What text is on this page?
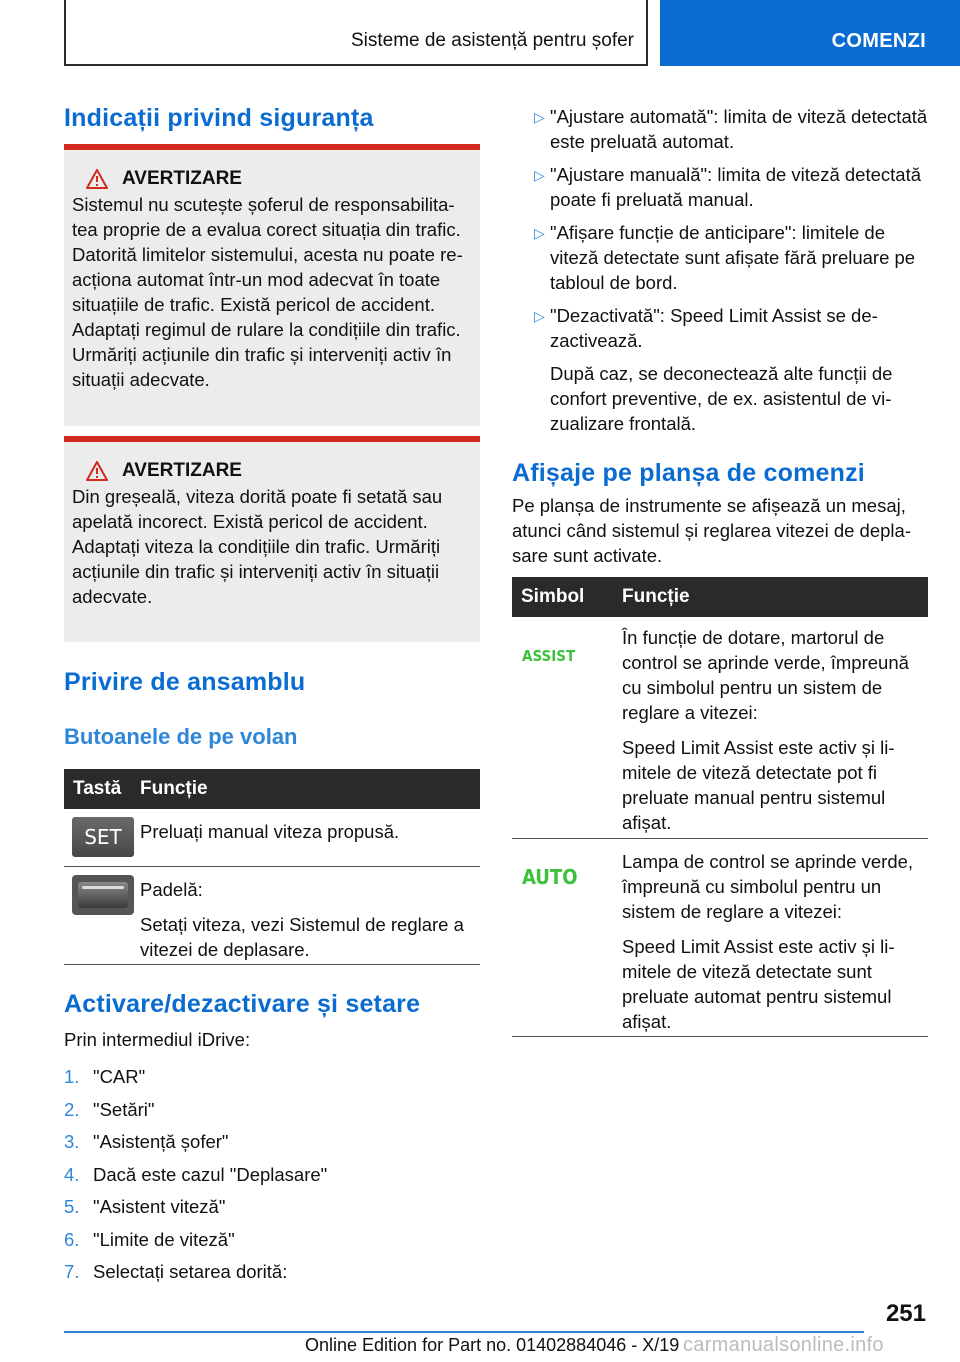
Sisteme de asistență pentru șofer	COMENZI
Indicații privind siguranța
AVERTIZARE
Sistemul nu scutește șoferul de responsabilitatea proprie de a evalua corect situația din trafic. Datorită limitelor sistemului, acesta nu poate reacționa automat într-un mod adecvat în toate situațiile de trafic. Există pericol de accident. Adaptați regimul de rulare la condițiile din trafic. Urmăriți acțiunile din trafic și interveniți activ în situații adecvate.
AVERTIZARE
Din greșeală, viteza dorită poate fi setată sau apelată incorect. Există pericol de accident. Adaptați viteza la condițiile din trafic. Urmăriți acțiunile din trafic și interveniți activ în situații adecvate.
Privire de ansamblu
Butoanele de pe volan
Tastă Funcție
SET Preluați manual viteza propusă.

Padelă:

Setați viteza, vezi Sistemul de reglare a vitezei de deplasare.

Activare/dezactivare și setare
Prin intermediul iDrive:
1. "CAR"
2. "Setări"
3. "Asistență șofer"
4. Dacă este cazul "Deplasare"
5. "Asistent viteză"
6. "Limite de viteză"
7. Selectați setarea dorită:
▷ "Ajustare automată": limita de viteză detectată este preluată automat.

▷ "Ajustare manuală": limita de viteză detectată poate fi preluată manual.

▷ "Afișare funcție de anticipare": limitele de viteză detectate sunt afișate fără preluare pe tabloul de bord.

▷ "Dezactivată": Speed Limit Assist se dezactivează.

După caz, se deconectează alte funcții de confort preventive, de ex. asistentul de vizualizare frontală.

Afișaje pe planșa de comenzi
Pe planșa de instrumente se afișează un mesaj, atunci când sistemul și reglarea vitezei de deplasare sunt activate.
Simbol	Funcție
ASSIST

În funcție de dotare, martorul de control se aprinde verde, împreună cu simbolul pentru un sistem de reglare a vitezei:

Speed Limit Assist este activ și limitele de viteză detectate pot fi preluate manual pentru sistemul afișat.

AUTO

Lampa de control se aprinde verde, împreună cu simbolul pentru un sistem de reglare a vitezei:

Speed Limit Assist este activ și limitele de viteză detectate sunt preluate automat pentru sistemul afișat.

251
Online Edition for Part no. 01402884046 - X/19 carmanualsonline.info
